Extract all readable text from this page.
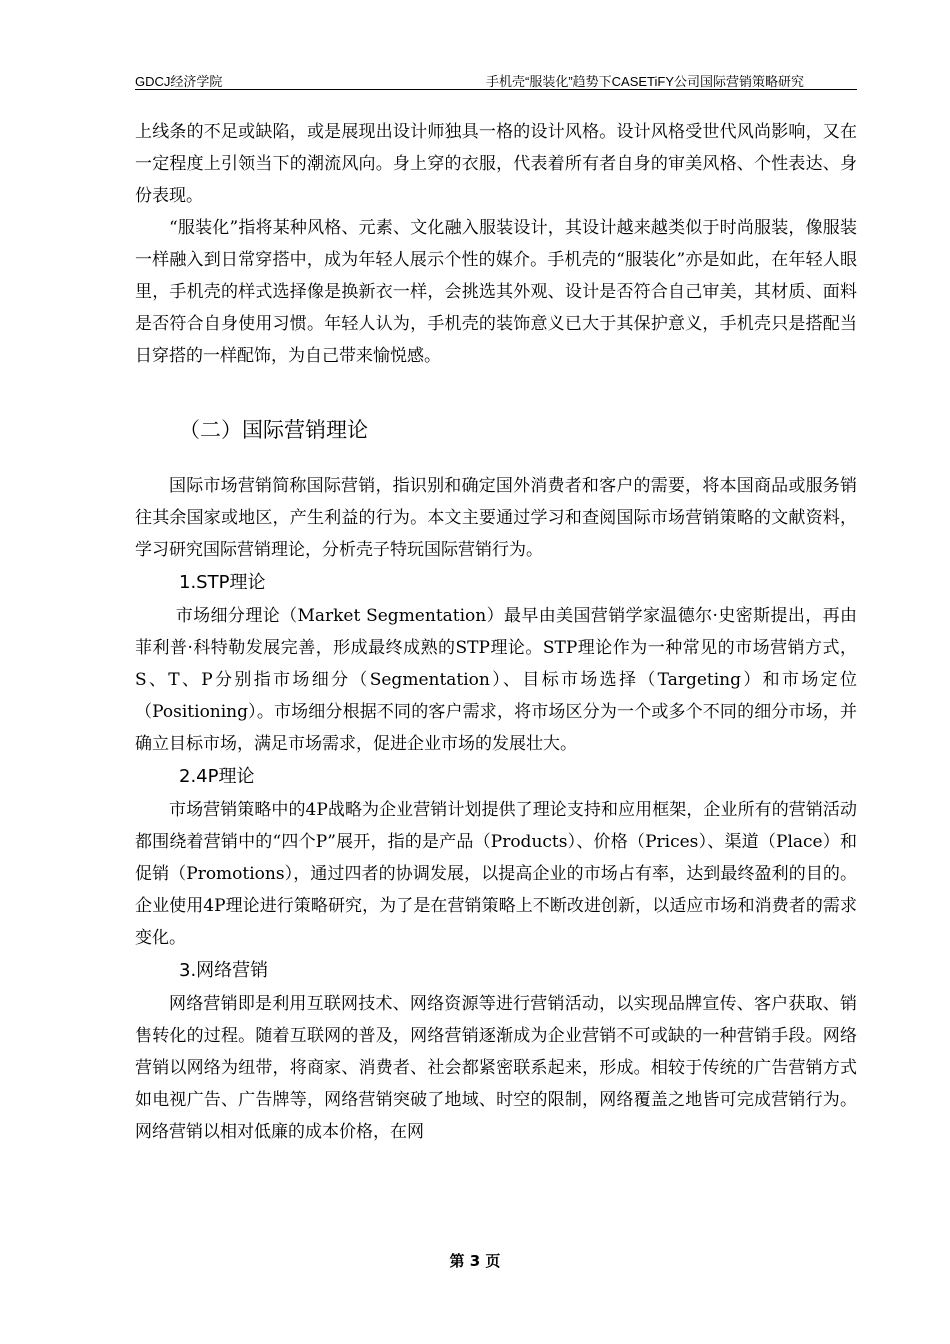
GDCJ经济学院	手机壳“服装化”趋势下CASETiFY公司国际营销策略研究

上线条的不足或缺陷，或是展现出设计师独具一格的设计风格。设计风格受世代风尚影响，又在一定程度上引领当下的潮流风向。身上穿的衣服，代表着所有者自身的审美风格、个性表达、身份表现。

“服装化”指将某种风格、元素、文化融入服装设计，其设计越来越类似于时尚服装，像服装一样融入到日常穿搭中，成为年轻人展示个性的媒介。手机壳的“服装化”亦是如此，在年轻人眼里，手机壳的样式选择像是换新衣一样，会挑选其外观、设计是否符合自己审美，其材质、面料是否符合自身使用习惯。年轻人认为，手机壳的装饰意义已大于其保护意义，手机壳只是搭配当日穿搭的一样配饰，为自己带来愉悦感。

（二）国际营销理论

国际市场营销简称国际营销，指识别和确定国外消费者和客户的需要，将本国商品或服务销往其余国家或地区，产生利益的行为。本文主要通过学习和查阅国际市场营销策略的文献资料，学习研究国际营销理论，分析壳子特玩国际营销行为。

1.STP理论

市场细分理论（Market Segmentation）最早由美国营销学家温德尔·史密斯提出，再由菲利普·科特勒发展完善，形成最终成熟的STP理论。STP理论作为一种常见的市场营销方式，S、T、P分别指市场细分（Segmentation）、目标市场选择（Targeting）和市场定位（Positioning）。市场细分根据不同的客户需求，将市场区分为一个或多个不同的细分市场，并确立目标市场，满足市场需求，促进企业市场的发展壮大。

2.4P理论

市场营销策略中的4P战略为企业营销计划提供了理论支持和应用框架，企业所有的营销活动都围绕着营销中的“四个P”展开，指的是产品（Products）、价格（Prices）、渠道（Place）和促销（Promotions），通过四者的协调发展，以提高企业的市场占有率，达到最终盈利的目的。企业使用4P理论进行策略研究，为了是在营销策略上不断改进创新，以适应市场和消费者的需求变化。

3.网络营销

网络营销即是利用互联网技术、网络资源等进行营销活动，以实现品牌宣传、客户获取、销售转化的过程。随着互联网的普及，网络营销逐渐成为企业营销不可或缺的一种营销手段。网络营销以网络为纽带，将商家、消费者、社会都紧密联系起来，形成。相较于传统的广告营销方式如电视广告、广告牌等，网络营销突破了地域、时空的限制，网络覆盖之地皆可完成营销行为。网络营销以相对低廉的成本价格，在网

第 3 页
